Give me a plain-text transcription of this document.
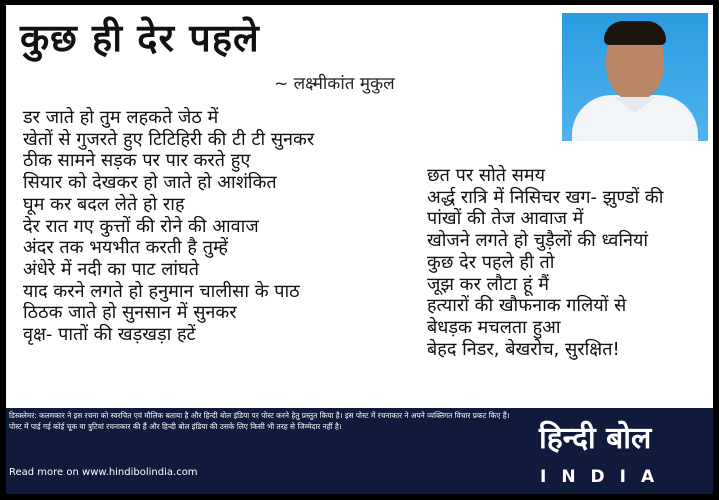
कुछ ही देर पहले
~ लक्ष्मीकांत मुकुल
डर जाते हो तुम लहकते जेठ में
खेतों से गुजरते हुए टिटिहिरी की टी टी सुनकर
ठीक सामने सड़क पर पार करते हुए
सियार को देखकर हो जाते हो आशंकित
घूम कर बदल लेते हो राह
देर रात गए कुत्तों की रोने की आवाज
अंदर तक भयभीत करती है तुम्हें
अंधेरे में नदी का पाट लांघते
याद करने लगते हो हनुमान चालीसा के पाठ
ठिठक जाते हो सुनसान में सुनकर
वृक्ष- पातों की खड़खड़ा हटें
छत पर सोते समय
अर्द्ध रात्रि में निसिचर खग- झुण्डों की
पांखों की तेज आवाज में
खोजने लगते हो चुड़ैलों की ध्वनियां
कुछ देर पहले ही तो
जूझ कर लौटा हूं मैं
हत्यारों की खौफनाक गलियों से
बेधड़क मचलता हुआ
बेहद निडर, बेखरोच, सुरक्षित!
डिस्क्लेमर: कलमकार ने इस रचना को स्वरचित एवं मौलिक बताया है और हिन्दी बोल इंडिया पर पोस्ट करने हेतु प्रस्तुत किया है। इस पोस्ट में रचनाकार ने अपने व्यक्तिगत विचार प्रकट किए हैं। पोस्ट में पाई गई कोई चूक या त्रुटियां रचनाकार की हैं और हिन्दी बोल इंडिया की उसके लिए किसी भी तरह से जिम्मेदार नहीं है।
Read more on www.hindibolindia.com
हिन्दी बोल
INDIA
